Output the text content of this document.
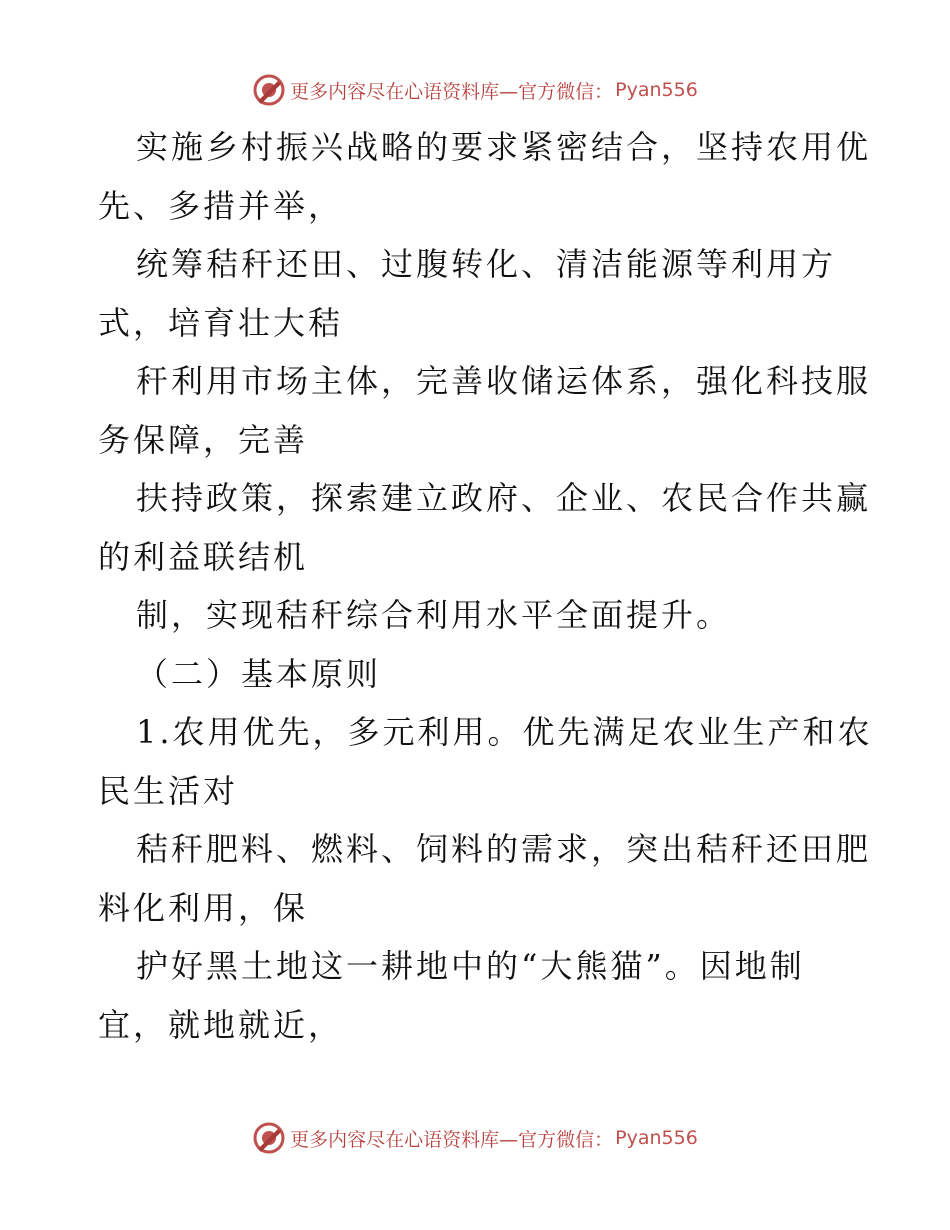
更多内容尽在心语资料库—官方微信： Pyan556
实施乡村振兴战略的要求紧密结合，坚持农用优
先、多措并举，
统筹秸秆还田、过腹转化、清洁能源等利用方
式，培育壮大秸
秆利用市场主体，完善收储运体系，强化科技服
务保障，完善
扶持政策，探索建立政府、企业、农民合作共赢
的利益联结机
制，实现秸秆综合利用水平全面提升。
（二）基本原则
1.农用优先，多元利用。优先满足农业生产和农
民生活对
秸秆肥料、燃料、饲料的需求，突出秸秆还田肥
料化利用，保
护好黑土地这一耕地中的“大熊猫”。因地制
宜，就地就近，
更多内容尽在心语资料库—官方微信： Pyan556
